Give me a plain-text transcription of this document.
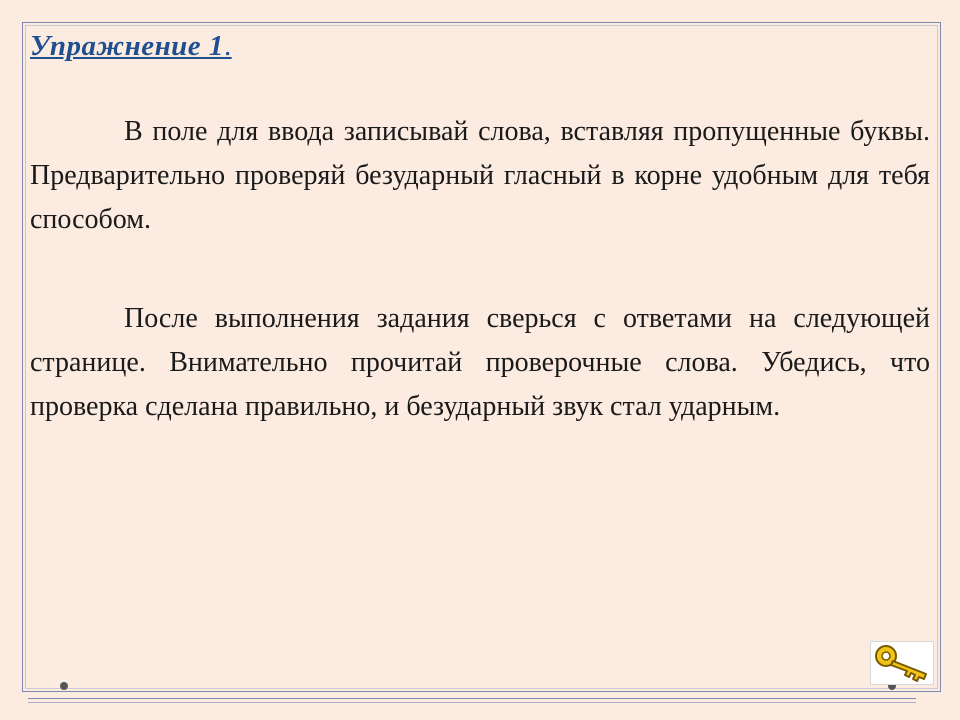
Упражнение 1.
В поле для ввода записывай слова, вставляя пропущенные буквы. Предварительно проверяй безударный гласный в корне удобным для тебя способом.
После выполнения задания сверься с ответами на следующей странице. Внимательно прочитай проверочные слова. Убедись, что проверка сделана правильно, и безударный звук стал ударным.
